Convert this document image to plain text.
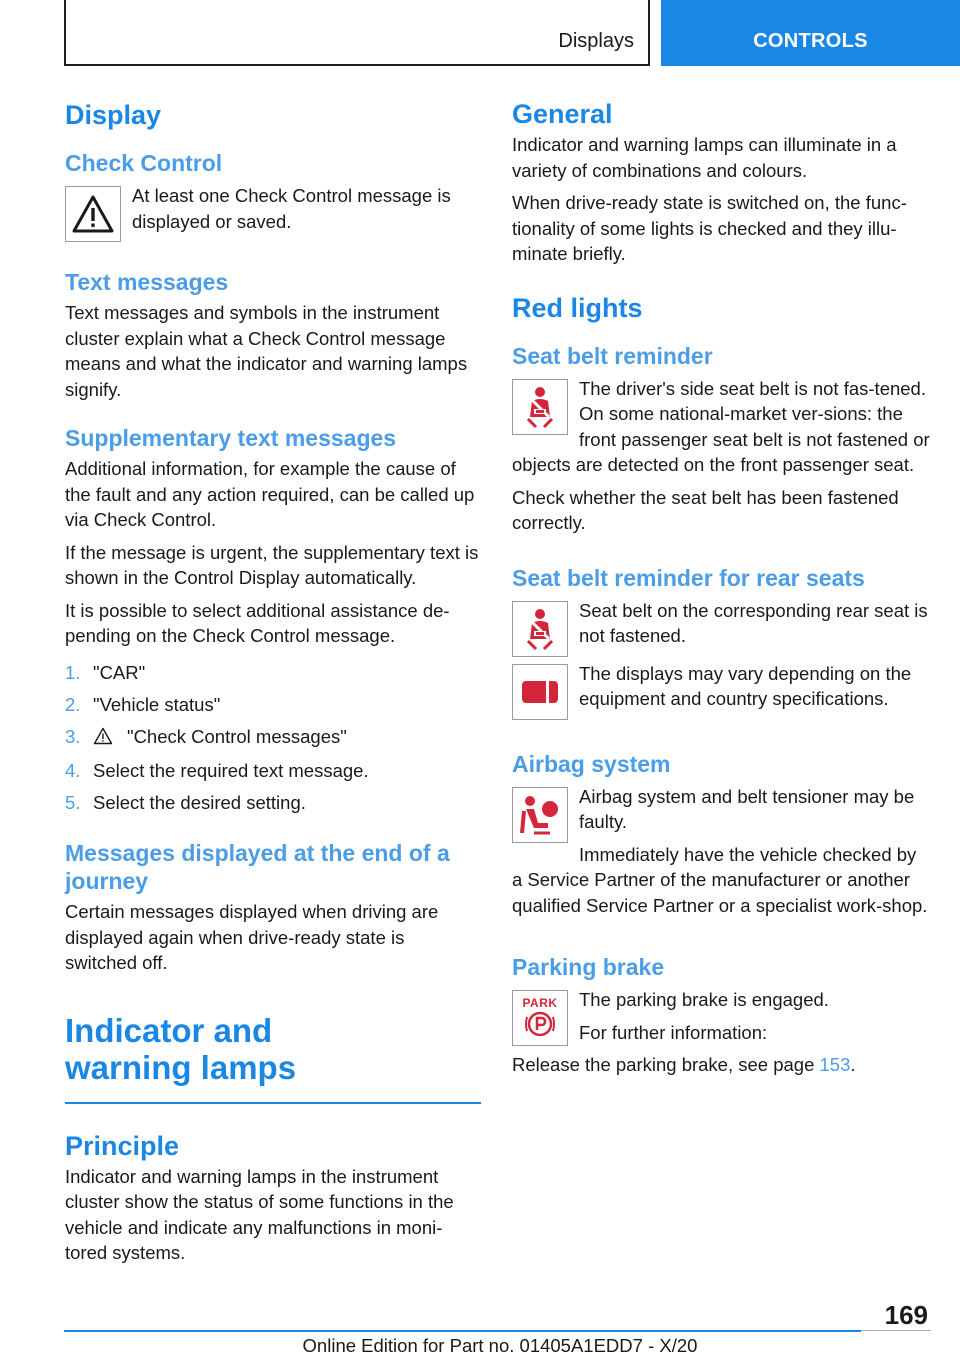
Displays	CONTROLS
Display
Check Control

At least one Check Control message is displayed or saved.

Text messages

Text messages and symbols in the instrument cluster explain what a Check Control message means and what the indicator and warning lamps signify.

Supplementary text messages

Additional information, for example the cause of the fault and any action required, can be called up via Check Control.

If the message is urgent, the supplementary text is shown in the Control Display automatically.

It is possible to select additional assistance de-pending on the Check Control message.

1. "CAR"
2. "Vehicle status"
3.	"Check Control messages"
4. Select the required text message.
5. Select the desired setting.
Messages displayed at the end of a journey

Certain messages displayed when driving are displayed again when drive-ready state is switched off.

Indicator and warning lamps
Principle

Indicator and warning lamps in the instrument cluster show the status of some functions in the vehicle and indicate any malfunctions in moni-tored systems.

General

Indicator and warning lamps can illuminate in a variety of combinations and colours.

When drive-ready state is switched on, the func-tionality of some lights is checked and they illu-minate briefly.

Red lights
Seat belt reminder

The driver's side seat belt is not fas-tened. On some national-market ver-sions: the front passenger seat belt is not fastened or objects are detected on the front passenger seat.

Check whether the seat belt has been fastened correctly.

Seat belt reminder for rear seats

Seat belt on the corresponding rear seat is not fastened.

The displays may vary depending on the equipment and country specifications.

Airbag system

Airbag system and belt tensioner may be faulty.

Immediately have the vehicle checked by a Service Partner of the manufacturer or another qualified Service Partner or a specialist work-shop.

Parking brake
PARK	The parking brake is engaged.

For further information:

Release the parking brake, see page 153.

169
Online Edition for Part no. 01405A1EDD7 - X/20
